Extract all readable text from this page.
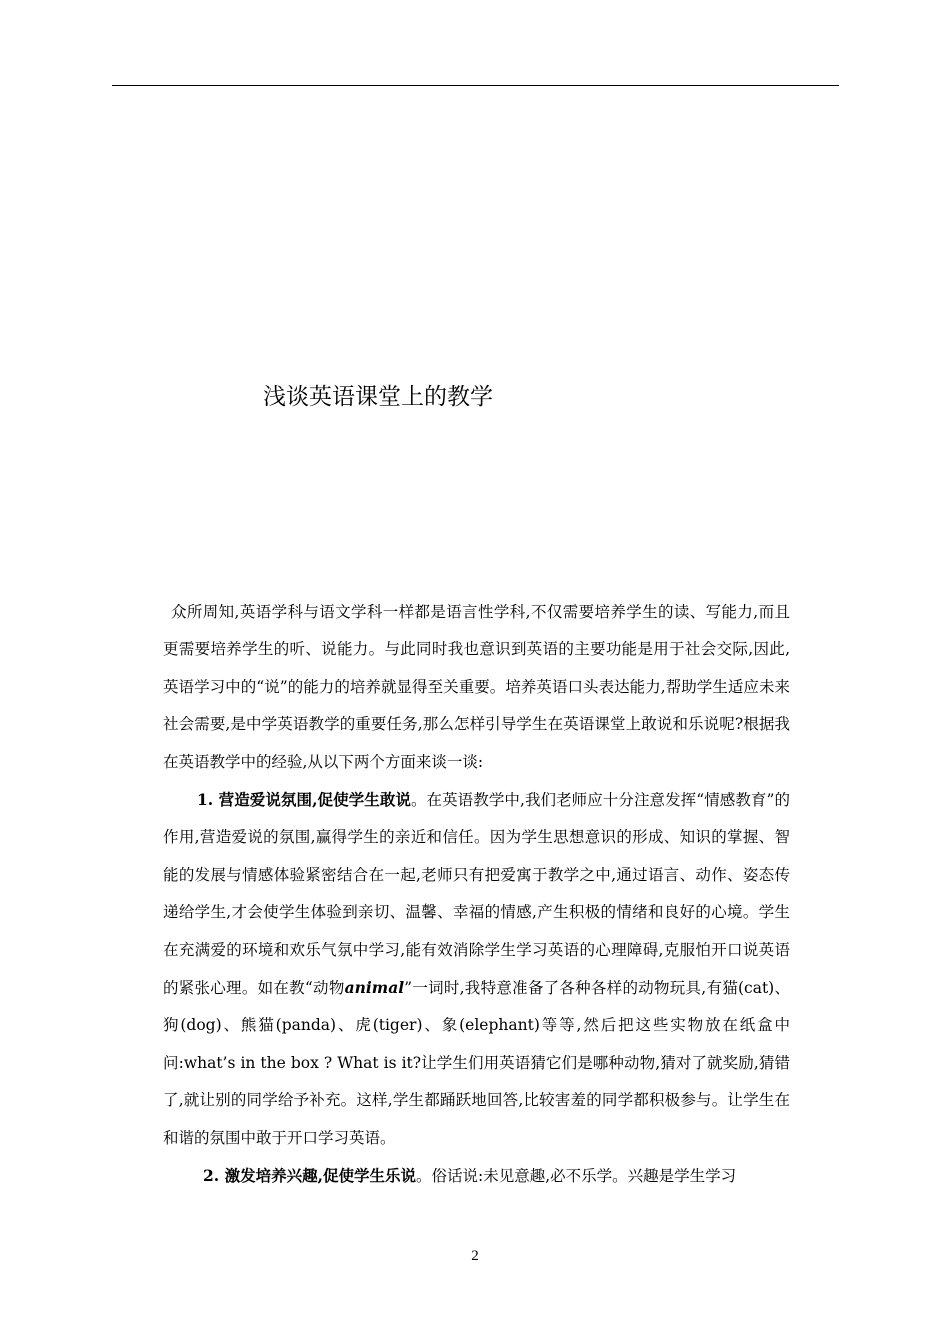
浅谈英语课堂上的教学

众所周知,英语学科与语文学科一样都是语言性学科,不仅需要培养学生的读、写能力,而且更需要培养学生的听、说能力。与此同时我也意识到英语的主要功能是用于社会交际,因此,英语学习中的“说”的能力的培养就显得至关重要。培养英语口头表达能力,帮助学生适应未来社会需要,是中学英语教学的重要任务,那么怎样引导学生在英语课堂上敢说和乐说呢?根据我在英语教学中的经验,从以下两个方面来谈一谈:

1. 营造爱说氛围,促使学生敢说。在英语教学中,我们老师应十分注意发挥“情感教育”的作用,营造爱说的氛围,赢得学生的亲近和信任。因为学生思想意识的形成、知识的掌握、智能的发展与情感体验紧密结合在一起,老师只有把爱寓于教学之中,通过语言、动作、姿态传递给学生,才会使学生体验到亲切、温馨、幸福的情感,产生积极的情绪和良好的心境。学生在充满爱的环境和欢乐气氛中学习,能有效消除学生学习英语的心理障碍,克服怕开口说英语的紧张心理。如在教“动物animal”一词时,我特意准备了各种各样的动物玩具,有猫(cat)、狗(dog)、熊猫(panda)、虎(tiger)、象(elephant)等等,然后把这些实物放在纸盒中问:what’s in the box ? What is it?让学生们用英语猜它们是哪种动物,猜对了就奖励,猜错了,就让别的同学给予补充。这样,学生都踊跃地回答,比较害羞的同学都积极参与。让学生在和谐的氛围中敢于开口学习英语。

2. 激发培养兴趣,促使学生乐说。俗话说:未见意趣,必不乐学。兴趣是学生学习

2
